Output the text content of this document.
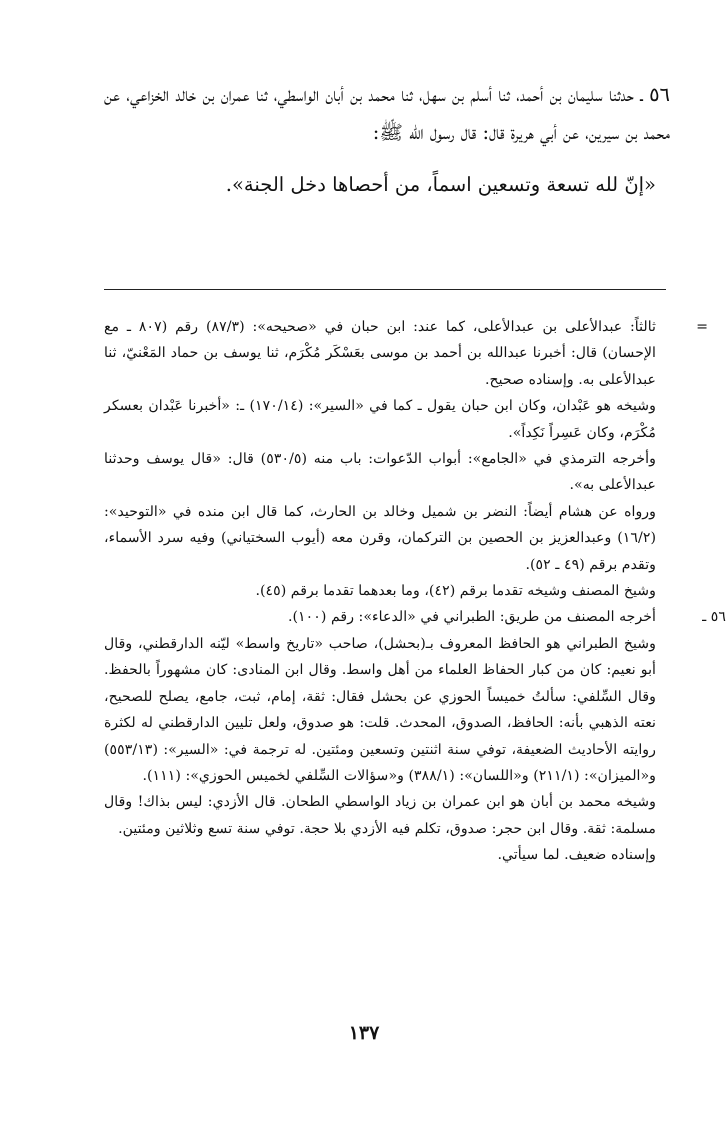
٥٦ ـ حدثنا سليمان بن أحمد، ثنا أسلم بن سهل، ثنا محمد بن أبان الواسطي، ثنا عمران بن خالد الخزاعي، عن محمد بن سيرين، عن أبي هريرة قال: قال رسول الله ﷺ:

«إنّ لله تسعة وتسعين اسماً، من أحصاها دخل الجنة».

=
ثالثاً: عبدالأعلى بن عبدالأعلى، كما عند: ابن حبان في «صحيحه»: (٨٧/٣) رقم (٨٠٧ ـ مع الإحسان) قال: أخبرنا عبدالله بن أحمد بن موسى بعَسْكَر مُكْرَم، ثنا يوسف بن حماد المَعْنيّ، ثنا عبدالأعلى به. وإسناده صحيح.

وشيخه هو عَبْدان، وكان ابن حبان يقول ـ كما في «السير»: (١٧٠/١٤) ـ: «أخبرنا عَبْدان بعسكر مُكْرَم، وكان عَسِراً نَكِداً».

وأخرجه الترمذي في «الجامع»: أبواب الدّعوات: باب منه (٥٣٠/٥) قال: «قال يوسف وحدثنا عبدالأعلى به».

ورواه عن هشام أيضاً: النضر بن شميل وخالد بن الحارث، كما قال ابن منده في «التوحيد»: (١٦/٢) وعبدالعزيز بن الحصين بن التركمان، وقرن معه (أيوب السختياني) وفيه سرد الأسماء، وتقدم برقم (٤٩ ـ ٥٢).

وشيخ المصنف وشيخه تقدما برقم (٤٢)، وما بعدهما تقدما برقم (٤٥).

٥٦ ـ
أخرجه المصنف من طريق: الطبراني في «الدعاء»: رقم (١٠٠).

وشيخ الطبراني هو الحافظ المعروف بـ(بحشل)، صاحب «تاريخ واسط» ليّنه الدارقطني، وقال أبو نعيم: كان من كبار الحفاظ العلماء من أهل واسط. وقال ابن المنادى: كان مشهوراً بالحفظ. وقال السِّلفي: سألتُ خميساً الحوزي عن بحشل فقال: ثقة، إمام، ثبت، جامع، يصلح للصحيح، نعته الذهبي بأنه: الحافظ، الصدوق، المحدث. قلت: هو صدوق، ولعل تليين الدارقطني له لكثرة روايته الأحاديث الضعيفة، توفي سنة اثنتين وتسعين ومئتين. له ترجمة في: «السير»: (٥٥٣/١٣) و«الميزان»: (٢١١/١) و«اللسان»: (٣٨٨/١) و«سؤالات السِّلفي لخميس الحوزي»: (١١١).

وشيخه محمد بن أبان هو ابن عمران بن زياد الواسطي الطحان. قال الأزدي: ليس بذاك! وقال مسلمة: ثقة. وقال ابن حجر: صدوق، تكلم فيه الأزدي بلا حجة. توفي سنة تسع وثلاثين ومئتين.

وإسناده ضعيف. لما سيأتي.

١٣٧
